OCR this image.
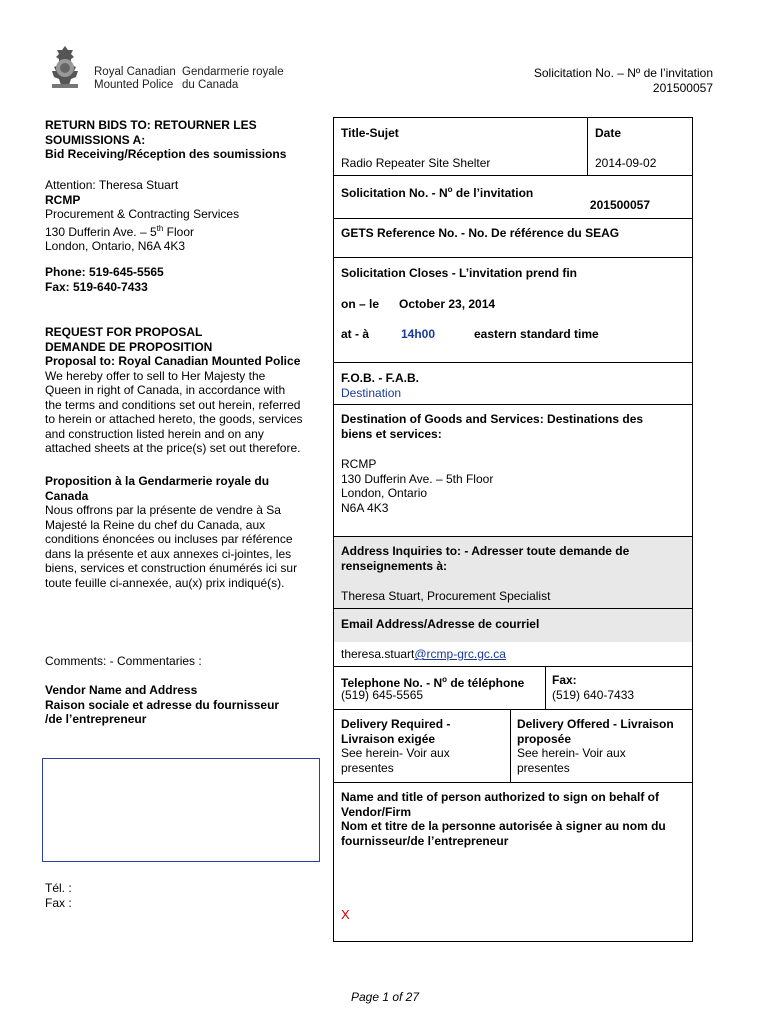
Royal Canadian
Mounted Police
Gendarmerie royale
du Canada
Solicitation No. – Nº de l’invitation
201500057
RETURN BIDS TO: RETOURNER LES
SOUMISSIONS A:
Bid Receiving/Réception des soumissions
Attention: Theresa Stuart
RCMP
Procurement & Contracting Services
130 Dufferin Ave. – 5th Floor
London, Ontario, N6A 4K3
Phone: 519-645-5565
Fax: 519-640-7433
REQUEST FOR PROPOSAL
DEMANDE DE PROPOSITION
Proposal to: Royal Canadian Mounted Police
We hereby offer to sell to Her Majesty the
Queen in right of Canada, in accordance with
the terms and conditions set out herein, referred
to herein or attached hereto, the goods, services
and construction listed herein and on any
attached sheets at the price(s) set out therefore.
Proposition à la Gendarmerie royale du
Canada
Nous offrons par la présente de vendre à Sa
Majesté la Reine du chef du Canada, aux
conditions énoncées ou incluses par référence
dans la présente et aux annexes ci-jointes, les
biens, services et construction énumérés ici sur
toute feuille ci-annexée, au(x) prix indiqué(s).
Comments: - Commentaries :
Vendor Name and Address
Raison sociale et adresse du fournisseur
/de l’entrepreneur
Tél. :
Fax :
Title-Sujet	Date
Radio Repeater Site Shelter	2014-09-02
Solicitation No. - $N^o$ de l’invitation
201500057
GETS Reference No. - No. De référence du SEAG
Solicitation Closes - L’invitation prend fin
on – le	October 23, 2014
at - à	14h00	eastern standard time
F.O.B. - F.A.B.
Destination
Destination of Goods and Services: Destinations des
biens et services:
RCMP
130 Dufferin Ave. – 5th Floor
London, Ontario
N6A 4K3
Address Inquiries to: - Adresser toute demande de
renseignements à:
Theresa Stuart, Procurement Specialist
Email Address/Adresse de courriel
theresa.stuart@rcmp-grc.gc.ca
Telephone No. - $N^o$ de téléphone
(519) 645-5565
Fax:
(519) 640-7433
Delivery Required -
Livraison exigée
See herein- Voir aux
presentes
Delivery Offered - Livraison
proposée
See herein- Voir aux
presentes
Name and title of person authorized to sign on behalf of
Vendor/Firm
Nom et titre de la personne autorisée à signer au nom du
fournisseur/de l’entrepreneur
X
Page 1 of 27
